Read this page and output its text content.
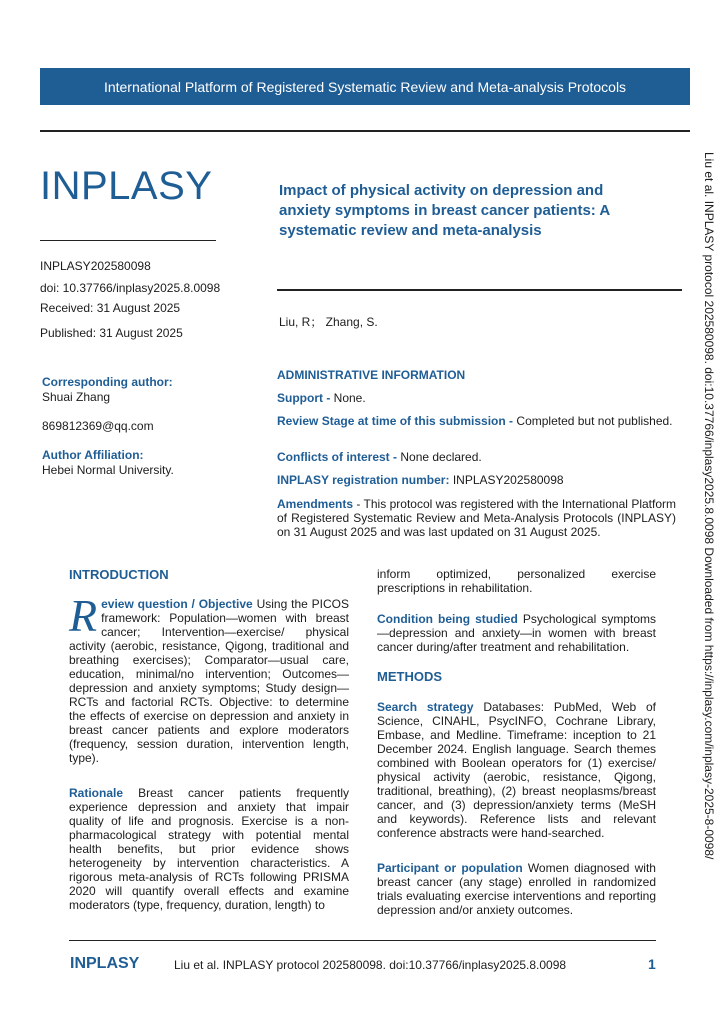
International Platform of Registered Systematic Review and Meta-analysis Protocols
INPLASY
INPLASY202580098
doi: 10.37766/inplasy2025.8.0098
Received: 31 August 2025
Published: 31 August 2025
Corresponding author:
Shuai Zhang
869812369@qq.com
Author Affiliation:
Hebei Normal University.
Impact of physical activity on depression and anxiety symptoms in breast cancer patients: A systematic review and meta-analysis
Liu, R； Zhang, S.
ADMINISTRATIVE INFORMATION
Support - None.
Review Stage at time of this submission - Completed but not published.
Conflicts of interest - None declared.
INPLASY registration number: INPLASY202580098
Amendments - This protocol was registered with the International Platform of Registered Systematic Review and Meta-Analysis Protocols (INPLASY) on 31 August 2025 and was last updated on 31 August 2025.	Liu et al. INPLASY protocol 202580098. doi:10.37766/inplasy2025.8.0098 Downloaded from https://inplasy.com/inplasy-2025-8-0098/
INTRODUCTION
Review question / Objective Using the PICOS framework: Population—women with breast cancer; Intervention—exercise/ physical activity (aerobic, resistance, Qigong, traditional and breathing exercises); Comparator—usual care, education, minimal/no intervention; Outcomes—depression and anxiety symptoms; Study design—RCTs and factorial RCTs. Objective: to determine the effects of exercise on depression and anxiety in breast cancer patients and explore moderators (frequency, session duration, intervention length, type).
Rationale Breast cancer patients frequently experience depression and anxiety that impair quality of life and prognosis. Exercise is a non-pharmacological strategy with potential mental health benefits, but prior evidence shows heterogeneity by intervention characteristics. A rigorous meta-analysis of RCTs following PRISMA 2020 will quantify overall effects and examine moderators (type, frequency, duration, length) to
inform optimized, personalized exercise prescriptions in rehabilitation.
Condition being studied Psychological symptoms—depression and anxiety—in women with breast cancer during/after treatment and rehabilitation.
METHODS
Search strategy Databases: PubMed, Web of Science, CINAHL, PsycINFO, Cochrane Library, Embase, and Medline. Timeframe: inception to 21 December 2024. English language. Search themes combined with Boolean operators for (1) exercise/ physical activity (aerobic, resistance, Qigong, traditional, breathing), (2) breast neoplasms/breast cancer, and (3) depression/anxiety terms (MeSH and keywords). Reference lists and relevant conference abstracts were hand-searched.
Participant or population Women diagnosed with breast cancer (any stage) enrolled in randomized trials evaluating exercise interventions and reporting depression and/or anxiety outcomes.
INPLASY	Liu et al. INPLASY protocol 202580098. doi:10.37766/inplasy2025.8.0098	1
